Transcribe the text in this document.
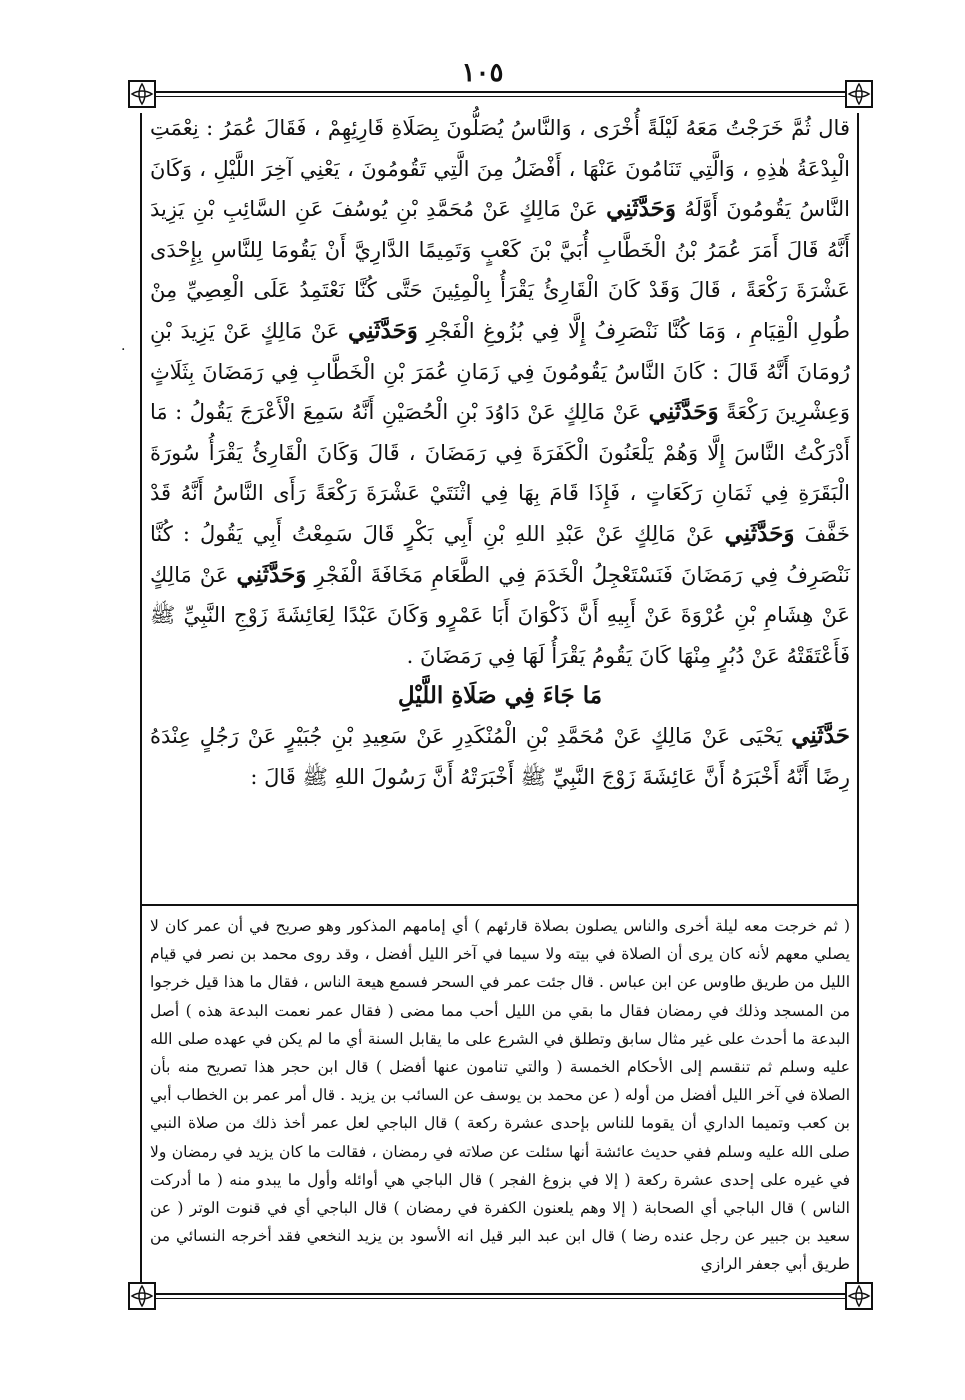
١٠٥
.

قال ثُمَّ خَرَجْتُ مَعَهُ لَيْلَةً أُخْرَى ، وَالنَّاسُ يُصَلُّونَ بِصَلَاةِ قَارِئِهِمْ ، فَقَالَ عُمَرُ : نِعْمَتِ الْبِدْعَةُ هٰذِهِ ، وَالَّتِي تَنَامُونَ عَنْهَا ، أَفْضَلُ مِنَ الَّتِي تَقُومُونَ ، يَعْنِي آخِرَ اللَّيْلِ ، وَكَانَ النَّاسُ يَقُومُونَ أَوَّلَهُ وَحَدَّثَنِي عَنْ مَالِكٍ عَنْ مُحَمَّدِ بْنِ يُوسُفَ عَنِ السَّائِبِ بْنِ يَزِيدَ أَنَّهُ قَالَ أَمَرَ عُمَرُ بْنُ الْخَطَّابِ أُبَيَّ بْنَ كَعْبٍ وَتَمِيمًا الدَّارِيَّ أَنْ يَقُومَا لِلنَّاسِ بِإِحْدَى عَشْرَةَ رَكْعَةً ، قَالَ وَقَدْ كَانَ الْقَارِئُ يَقْرَأُ بِالْمِئِينَ حَتَّى كُنَّا نَعْتَمِدُ عَلَى الْعِصِيِّ مِنْ طُولِ الْقِيَامِ ، وَمَا كُنَّا نَنْصَرِفُ إِلَّا فِي بُزُوغِ الْفَجْرِ وَحَدَّثَنِي عَنْ مَالِكٍ عَنْ يَزِيدَ بْنِ رُومَانَ أَنَّهُ قَالَ : كَانَ النَّاسُ يَقُومُونَ فِي زَمَانِ عُمَرَ بْنِ الْخَطَّابِ فِي رَمَضَانَ بِثَلَاثٍ وَعِشْرِينَ رَكْعَةً وَحَدَّثَنِي عَنْ مَالِكٍ عَنْ دَاوُدَ بْنِ الْحُصَيْنِ أَنَّهُ سَمِعَ الْأَعْرَجَ يَقُولُ : مَا أَدْرَكْتُ النَّاسَ إِلَّا وَهُمْ يَلْعَنُونَ الْكَفَرَةَ فِي رَمَضَانَ ، قَالَ وَكَانَ الْقَارِئُ يَقْرَأُ سُورَةَ الْبَقَرَةِ فِي ثَمَانِ رَكَعَاتٍ ، فَإِذَا قَامَ بِهَا فِي اثْنَتَيْ عَشْرَةَ رَكْعَةً رَأَى النَّاسُ أَنَّهُ قَدْ خَفَّفَ وَحَدَّثَنِي عَنْ مَالِكٍ عَنْ عَبْدِ اللهِ بْنِ أَبِي بَكْرٍ قَالَ سَمِعْتُ أَبِي يَقُولُ : كُنَّا نَنْصَرِفُ فِي رَمَضَانَ فَنَسْتَعْجِلُ الْخَدَمَ فِي الطَّعَامِ مَخَافَةَ الْفَجْرِ وَحَدَّثَنِي عَنْ مَالِكٍ عَنْ هِشَامِ بْنِ عُرْوَةَ عَنْ أَبِيهِ أَنَّ ذَكْوَانَ أَبَا عَمْرٍو وَكَانَ عَبْدًا لِعَائِشَةَ زَوْجِ النَّبِيِّ ﷺ فَأَعْتَقَتْهُ عَنْ دُبُرٍ مِنْهَا كَانَ يَقُومُ يَقْرَأُ لَهَا فِي رَمَضَانَ .

مَا جَاءَ فِي صَلَاةِ اللَّيْلِ

حَدَّثَنِي يَحْيَى عَنْ مَالِكٍ عَنْ مُحَمَّدِ بْنِ الْمُنْكَدِرِ عَنْ سَعِيدِ بْنِ جُبَيْرٍ عَنْ رَجُلٍ عِنْدَهُ رِضًا أَنَّهُ أَخْبَرَهُ أَنَّ عَائِشَةَ زَوْجَ النَّبِيِّ ﷺ أَخْبَرَتْهُ أَنَّ رَسُولَ اللهِ ﷺ قَالَ :

( ثم خرجت معه ليلة أخرى والناس يصلون بصلاة قارئهم ) أي إمامهم المذكور وهو صريح في أن عمر كان لا يصلي معهم لأنه كان يرى أن الصلاة في بيته ولا سيما في آخر الليل أفضل ، وقد روى محمد بن نصر في قيام الليل من طريق طاوس عن ابن عباس . قال جئت عمر في السحر فسمع هيعة الناس ، فقال ما هذا قيل خرجوا من المسجد وذلك في رمضان فقال ما بقي من الليل أحب مما مضى ( فقال عمر نعمت البدعة هذه ) أصل البدعة ما أحدث على غير مثال سابق وتطلق في الشرع على ما يقابل السنة أي ما لم يكن في عهده صلى الله عليه وسلم ثم تنقسم إلى الأحكام الخمسة ( والتي تنامون عنها أفضل ) قال ابن حجر هذا تصريح منه بأن الصلاة في آخر الليل أفضل من أوله ( عن محمد بن يوسف عن السائب بن يزيد . قال أمر عمر بن الخطاب أبي بن كعب وتميما الداري أن يقوما للناس بإحدى عشرة ركعة ) قال الباجي لعل عمر أخذ ذلك من صلاة النبي صلى الله عليه وسلم ففي حديث عائشة أنها سئلت عن صلاته في رمضان ، فقالت ما كان يزيد في رمضان ولا في غيره على إحدى عشرة ركعة ( إلا في بزوغ الفجر ) قال الباجي هي أوائله وأول ما يبدو منه ( ما أدركت الناس ) قال الباجي أي الصحابة ( إلا وهم يلعنون الكفرة في رمضان ) قال الباجي أي في قنوت الوتر ( عن سعيد بن جبير عن رجل عنده رضا ) قال ابن عبد البر قيل انه الأسود بن يزيد النخعي فقد أخرجه النسائي من طريق أبي جعفر الرازي
